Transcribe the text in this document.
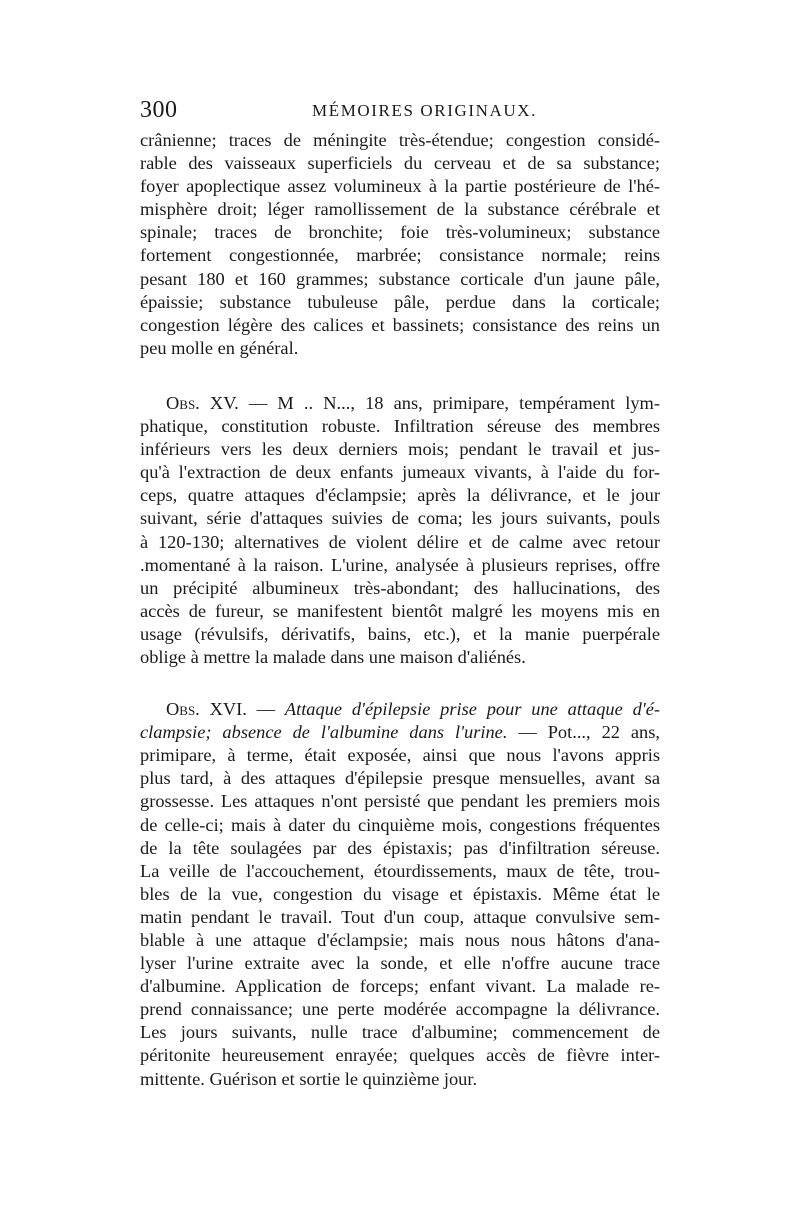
300	MÉMOIRES ORIGINAUX.
crânienne; traces de méningite très-étendue; congestion considé-
rable des vaisseaux superficiels du cerveau et de sa substance;
foyer apoplectique assez volumineux à la partie postérieure de l'hé-
misphère droit; léger ramollissement de la substance cérébrale et
spinale; traces de bronchite; foie très-volumineux; substance
fortement congestionnée, marbrée; consistance normale; reins
pesant 180 et 160 grammes; substance corticale d'un jaune pâle,
épaissie; substance tubuleuse pâle, perdue dans la corticale;
congestion légère des calices et bassinets; consistance des reins un
peu molle en général.
Obs. XV. — M .. N..., 18 ans, primipare, tempérament lym-
phatique, constitution robuste. Infiltration séreuse des membres
inférieurs vers les deux derniers mois; pendant le travail et jus-
qu'à l'extraction de deux enfants jumeaux vivants, à l'aide du for-
ceps, quatre attaques d'éclampsie; après la délivrance, et le jour
suivant, série d'attaques suivies de coma; les jours suivants, pouls
à 120-130; alternatives de violent délire et de calme avec retour
.momentané à la raison. L'urine, analysée à plusieurs reprises, offre
un précipité albumineux très-abondant; des hallucinations, des
accès de fureur, se manifestent bientôt malgré les moyens mis en
usage (révulsifs, dérivatifs, bains, etc.), et la manie puerpérale
oblige à mettre la malade dans une maison d'aliénés.
Obs. XVI. — Attaque d'épilepsie prise pour une attaque d'é-
clampsie; absence de l'albumine dans l'urine. — Pot..., 22 ans,
primipare, à terme, était exposée, ainsi que nous l'avons appris
plus tard, à des attaques d'épilepsie presque mensuelles, avant sa
grossesse. Les attaques n'ont persisté que pendant les premiers mois
de celle-ci; mais à dater du cinquième mois, congestions fréquentes
de la tête soulagées par des épistaxis; pas d'infiltration séreuse.
La veille de l'accouchement, étourdissements, maux de tête, trou-
bles de la vue, congestion du visage et épistaxis. Même état le
matin pendant le travail. Tout d'un coup, attaque convulsive sem-
blable à une attaque d'éclampsie; mais nous nous hâtons d'ana-
lyser l'urine extraite avec la sonde, et elle n'offre aucune trace
d'albumine. Application de forceps; enfant vivant. La malade re-
prend connaissance; une perte modérée accompagne la délivrance.
Les jours suivants, nulle trace d'albumine; commencement de
péritonite heureusement enrayée; quelques accès de fièvre inter-
mittente. Guérison et sortie le quinzième jour.
